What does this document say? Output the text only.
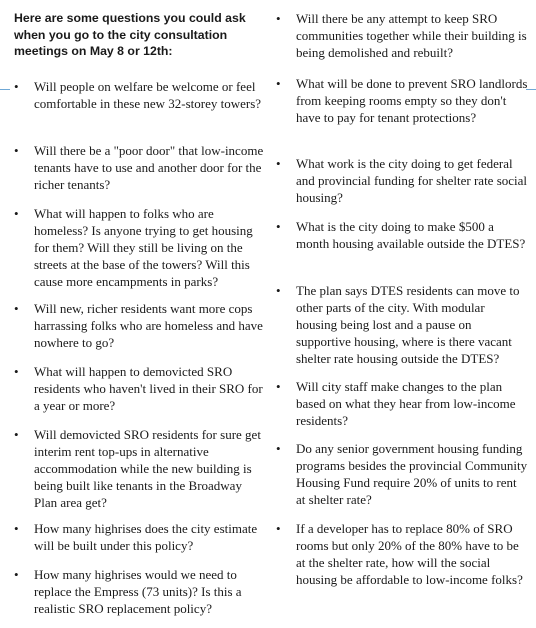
Here are some questions you could ask when you go to the city consultation meetings on May 8 or 12th:
• Will people on welfare be welcome or feel comfortable in these new 32-storey towers?
• Will there be a "poor door" that low-income tenants have to use and another door for the richer tenants?
• What will happen to folks who are homeless? Is anyone trying to get housing for them? Will they still be living on the streets at the base of the towers? Will this cause more encampments in parks?
• Will new, richer residents want more cops harrassing folks who are homeless and have nowhere to go?
• What will happen to demovicted SRO residents who haven't lived in their SRO for a year or more?
• Will demovicted SRO residents for sure get interim rent top-ups in alternative accommodation while the new building is being built like tenants in the Broadway Plan area get?
• How many highrises does the city estimate will be built under this policy?
• How many highrises would we need to replace the Empress (73 units)? Is this a realistic SRO replacement policy?
• Will there be any attempt to keep SRO communities together while their building is being demolished and rebuilt?
• What will be done to prevent SRO landlords from keeping rooms empty so they don't have to pay for tenant protections?
• What work is the city doing to get federal and provincial funding for shelter rate social housing?
• What is the city doing to make $500 a month housing available outside the DTES?
• The plan says DTES residents can move to other parts of the city. With modular housing being lost and a pause on supportive housing, where is there vacant shelter rate housing outside the DTES?
• Will city staff make changes to the plan based on what they hear from low-income residents?
• Do any senior government housing funding programs besides the provincial Community Housing Fund require 20% of units to rent at shelter rate?
• If a developer has to replace 80% of SRO rooms but only 20% of the 80% have to be at the shelter rate, how will the social housing be affordable to low-income folks?
